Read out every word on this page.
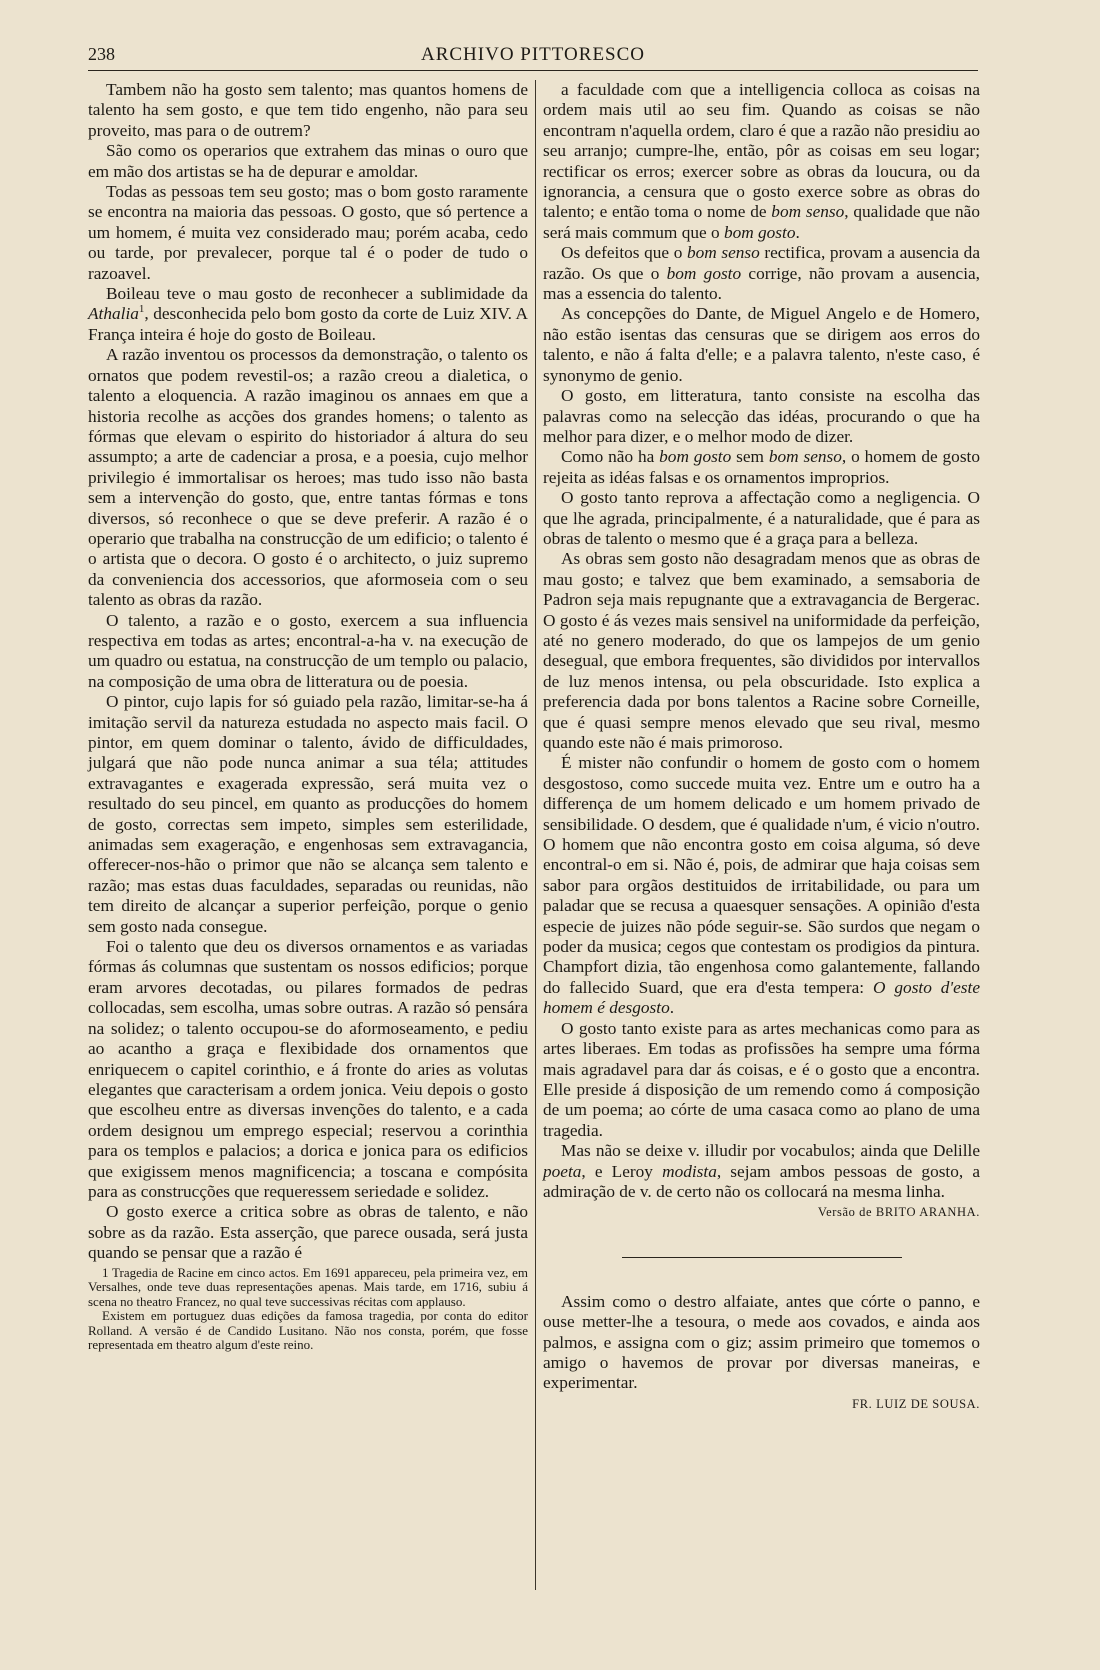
238	ARCHIVO PITTORESCO

Tambem não ha gosto sem talento; mas quantos homens de talento ha sem gosto, e que tem tido engenho, não para seu proveito, mas para o de outrem?

São como os operarios que extrahem das minas o ouro que em mão dos artistas se ha de depurar e amoldar.

Todas as pessoas tem seu gosto; mas o bom gosto raramente se encontra na maioria das pessoas. O gosto, que só pertence a um homem, é muita vez considerado mau; porém acaba, cedo ou tarde, por prevalecer, porque tal é o poder de tudo o razoavel.

Boileau teve o mau gosto de reconhecer a sublimidade da Athalia$^1$, desconhecida pelo bom gosto da corte de Luiz XIV. A França inteira é hoje do gosto de Boileau.

A razão inventou os processos da demonstração, o talento os ornatos que podem revestil-os; a razão creou a dialetica, o talento a eloquencia. A razão imaginou os annaes em que a historia recolhe as acções dos grandes homens; o talento as fórmas que elevam o espirito do historiador á altura do seu assumpto; a arte de cadenciar a prosa, e a poesia, cujo melhor privilegio é immortalisar os heroes; mas tudo isso não basta sem a intervenção do gosto, que, entre tantas fórmas e tons diversos, só reconhece o que se deve preferir. A razão é o operario que trabalha na construcção de um edificio; o talento é o artista que o decora. O gosto é o architecto, o juiz supremo da conveniencia dos accessorios, que aformoseia com o seu talento as obras da razão.

O talento, a razão e o gosto, exercem a sua influencia respectiva em todas as artes; encontral-a-ha v. na execução de um quadro ou estatua, na construcção de um templo ou palacio, na composição de uma obra de litteratura ou de poesia.

O pintor, cujo lapis for só guiado pela razão, limitar-se-ha á imitação servil da natureza estudada no aspecto mais facil. O pintor, em quem dominar o talento, ávido de difficuldades, julgará que não pode nunca animar a sua téla; attitudes extravagantes e exagerada expressão, será muita vez o resultado do seu pincel, em quanto as producções do homem de gosto, correctas sem impeto, simples sem esterilidade, animadas sem exageração, e engenhosas sem extravagancia, offerecer-nos-hão o primor que não se alcança sem talento e razão; mas estas duas faculdades, separadas ou reunidas, não tem direito de alcançar a superior perfeição, porque o genio sem gosto nada consegue.

Foi o talento que deu os diversos ornamentos e as variadas fórmas ás columnas que sustentam os nossos edificios; porque eram arvores decotadas, ou pilares formados de pedras collocadas, sem escolha, umas sobre outras. A razão só pensára na solidez; o talento occupou-se do aformoseamento, e pediu ao acantho a graça e flexibidade dos ornamentos que enriquecem o capitel corinthio, e á fronte do aries as volutas elegantes que caracterisam a ordem jonica. Veiu depois o gosto que escolheu entre as diversas invenções do talento, e a cada ordem designou um emprego especial; reservou a corinthia para os templos e palacios; a dorica e jonica para os edificios que exigissem menos magnificencia; a toscana e compósita para as construcções que requeressem seriedade e solidez.

O gosto exerce a critica sobre as obras de talento, e não sobre as da razão. Esta asserção, que parece ousada, será justa quando se pensar que a razão é

1 Tragedia de Racine em cinco actos. Em 1691 appareceu, pela primeira vez, em Versalhes, onde teve duas representações apenas. Mais tarde, em 1716, subiu á scena no theatro Francez, no qual teve successivas récitas com applauso.

Existem em portuguez duas edições da famosa tragedia, por conta do editor Rolland. A versão é de Candido Lusitano. Não nos consta, porém, que fosse representada em theatro algum d'este reino.

a faculdade com que a intelligencia colloca as coisas na ordem mais util ao seu fim. Quando as coisas se não encontram n'aquella ordem, claro é que a razão não presidiu ao seu arranjo; cumpre-lhe, então, pôr as coisas em seu logar; rectificar os erros; exercer sobre as obras da loucura, ou da ignorancia, a censura que o gosto exerce sobre as obras do talento; e então toma o nome de bom senso, qualidade que não será mais commum que o bom gosto.

Os defeitos que o bom senso rectifica, provam a ausencia da razão. Os que o bom gosto corrige, não provam a ausencia, mas a essencia do talento.

As concepções do Dante, de Miguel Angelo e de Homero, não estão isentas das censuras que se dirigem aos erros do talento, e não á falta d'elle; e a palavra talento, n'este caso, é synonymo de genio.

O gosto, em litteratura, tanto consiste na escolha das palavras como na selecção das idéas, procurando o que ha melhor para dizer, e o melhor modo de dizer.

Como não ha bom gosto sem bom senso, o homem de gosto rejeita as idéas falsas e os ornamentos improprios.

O gosto tanto reprova a affectação como a negligencia. O que lhe agrada, principalmente, é a naturalidade, que é para as obras de talento o mesmo que é a graça para a belleza.

As obras sem gosto não desagradam menos que as obras de mau gosto; e talvez que bem examinado, a semsaboria de Padron seja mais repugnante que a extravagancia de Bergerac. O gosto é ás vezes mais sensivel na uniformidade da perfeição, até no genero moderado, do que os lampejos de um genio desegual, que embora frequentes, são divididos por intervallos de luz menos intensa, ou pela obscuridade. Isto explica a preferencia dada por bons talentos a Racine sobre Corneille, que é quasi sempre menos elevado que seu rival, mesmo quando este não é mais primoroso.

É mister não confundir o homem de gosto com o homem desgostoso, como succede muita vez. Entre um e outro ha a differença de um homem delicado e um homem privado de sensibilidade. O desdem, que é qualidade n'um, é vicio n'outro. O homem que não encontra gosto em coisa alguma, só deve encontral-o em si. Não é, pois, de admirar que haja coisas sem sabor para orgãos destituidos de irritabilidade, ou para um paladar que se recusa a quaesquer sensações. A opinião d'esta especie de juizes não póde seguir-se. São surdos que negam o poder da musica; cegos que contestam os prodigios da pintura. Champfort dizia, tão engenhosa como galantemente, fallando do fallecido Suard, que era d'esta tempera: O gosto d'este homem é desgosto.

O gosto tanto existe para as artes mechanicas como para as artes liberaes. Em todas as profissões ha sempre uma fórma mais agradavel para dar ás coisas, e é o gosto que a encontra. Elle preside á disposição de um remendo como á composição de um poema; ao córte de uma casaca como ao plano de uma tragedia.

Mas não se deixe v. illudir por vocabulos; ainda que Delille poeta, e Leroy modista, sejam ambos pessoas de gosto, a admiração de v. de certo não os collocará na mesma linha.

Versão de BRITO ARANHA.

Assim como o destro alfaiate, antes que córte o panno, e ouse metter-lhe a tesoura, o mede aos covados, e ainda aos palmos, e assigna com o giz; assim primeiro que tomemos o amigo o havemos de provar por diversas maneiras, e experimentar.

FR. LUIZ DE SOUSA.
